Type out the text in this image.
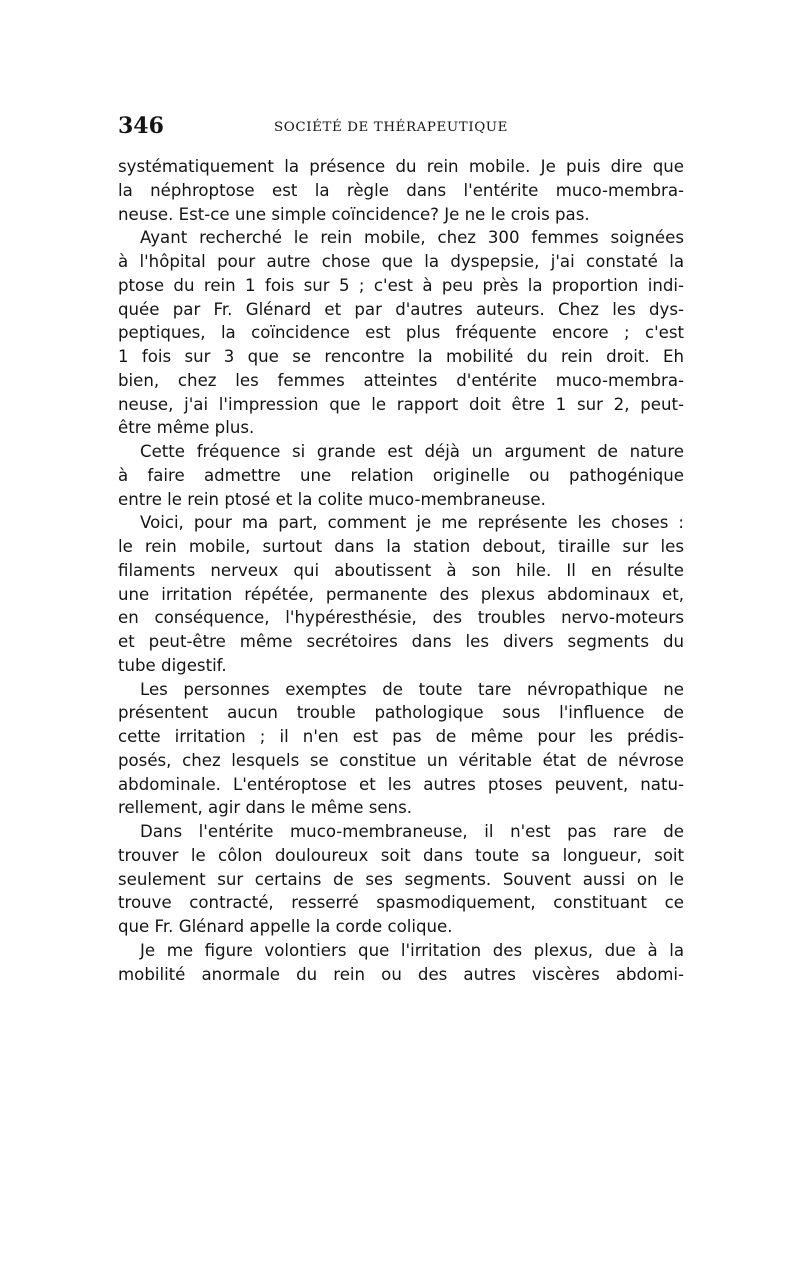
346	SOCIÉTÉ DE THÉRAPEUTIQUE
systématiquement la présence du rein mobile. Je puis dire que
la néphroptose est la règle dans l'entérite muco-membra-
neuse. Est-ce une simple coïncidence? Je ne le crois pas.
Ayant recherché le rein mobile, chez 300 femmes soignées
à l'hôpital pour autre chose que la dyspepsie, j'ai constaté la
ptose du rein 1 fois sur 5 ; c'est à peu près la proportion indi-
quée par Fr. Glénard et par d'autres auteurs. Chez les dys-
peptiques, la coïncidence est plus fréquente encore ; c'est
1 fois sur 3 que se rencontre la mobilité du rein droit. Eh
bien, chez les femmes atteintes d'entérite muco-membra-
neuse, j'ai l'impression que le rapport doit être 1 sur 2, peut-
être même plus.
Cette fréquence si grande est déjà un argument de nature
à faire admettre une relation originelle ou pathogénique
entre le rein ptosé et la colite muco-membraneuse.
Voici, pour ma part, comment je me représente les choses :
le rein mobile, surtout dans la station debout, tiraille sur les
filaments nerveux qui aboutissent à son hile. Il en résulte
une irritation répétée, permanente des plexus abdominaux et,
en conséquence, l'hypéresthésie, des troubles nervo-moteurs
et peut-être même secrétoires dans les divers segments du
tube digestif.
Les personnes exemptes de toute tare névropathique ne
présentent aucun trouble pathologique sous l'influence de
cette irritation ; il n'en est pas de même pour les prédis-
posés, chez lesquels se constitue un véritable état de névrose
abdominale. L'entéroptose et les autres ptoses peuvent, natu-
rellement, agir dans le même sens.
Dans l'entérite muco-membraneuse, il n'est pas rare de
trouver le côlon douloureux soit dans toute sa longueur, soit
seulement sur certains de ses segments. Souvent aussi on le
trouve contracté, resserré spasmodiquement, constituant ce
que Fr. Glénard appelle la corde colique.
Je me figure volontiers que l'irritation des plexus, due à la
mobilité anormale du rein ou des autres viscères abdomi-
